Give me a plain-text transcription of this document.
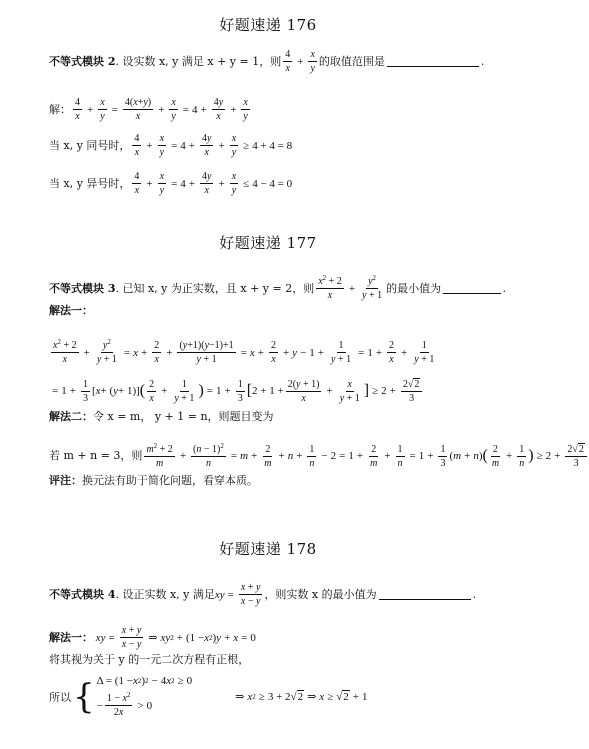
好题速递 176
不等式模块 2 . 设实数 x, y 满足 x + y = 1，则 $\frac{4}{x} + \frac{x}{y}$ 的取值范围是	.
解： $\frac{4}{x} + \frac{x}{y} = \frac{4(x+y)}{x} + \frac{x}{y} = 4 + \frac{4y}{x} + \frac{x}{y}$
当 x, y 同号时， $\frac{4}{x} + \frac{x}{y} = 4 + \frac{4y}{x} + \frac{x}{y} \ge 4 + 4 = 8$
当 x, y 异号时， $\frac{4}{x} + \frac{x}{y} = 4 + \frac{4y}{x} + \frac{x}{y} \le 4 - 4 = 0$
好题速递 177
不等式模块 3 . 已知 x, y 为正实数，且 x + y = 2，则 $\frac{x^2 + 2}{x} + \frac{y^2}{y + 1}$ 的最小值为	.
解法一：
$\frac{x^2 + 2}{x} + \frac{y^2}{y + 1} = x + \frac{2}{x} + \frac{(y+1)(y-1)+1}{y + 1} = x + \frac{2}{x} + y - 1 + \frac{1}{y + 1} = 1 + \frac{2}{x} + \frac{1}{y + 1}$
= $1 + \frac{1}{3}$ [ x + ( y + 1)] ( $\frac{2}{x} + \frac{1}{y + 1}$ ) = $1 + \frac{1}{3}$ [ $2 + 1 + \frac{2(y + 1)}{x} + \frac{x}{y + 1}$ ] ≥ $2 + \frac{2√2}{3}$
解法二： 令 x = m， y + 1 = n，则题目变为
若 m + n = 3，则 $\frac{m^2 + 2}{m} + \frac{(n - 1)^2}{n} = m + \frac{2}{m} + n + \frac{1}{n} - 2 = 1 + \frac{2}{m} + \frac{1}{n} = 1 + \frac{1}{3}$ ( m + n ) ( $\frac{2}{m} + \frac{1}{n}$ ) ≥ $2 + \frac{2√2}{3}$
评注： 换元法有助于简化问题，看穿本质。
好题速递 178
不等式模块 4 . 设正实数 x, y 满足 xy = $\frac{x + y}{x - y}$ ，则实数 x 的最小值为	.
解法一： xy = $\frac{x + y}{x - y}$ ⇒ xy 2 + (1 − x 2 ) y + x = 0
将其视为关于 y 的一元二次方程有正根，
所以 { Δ = (1 − x 2 ) 2 − 4 x 2 ≥ 0
− $\frac{1 - x^2}{2x} > 0$
⇒ x 2 ≥ 3 + 2 √ 2 ⇒ x ≥ √ 2 + 1
